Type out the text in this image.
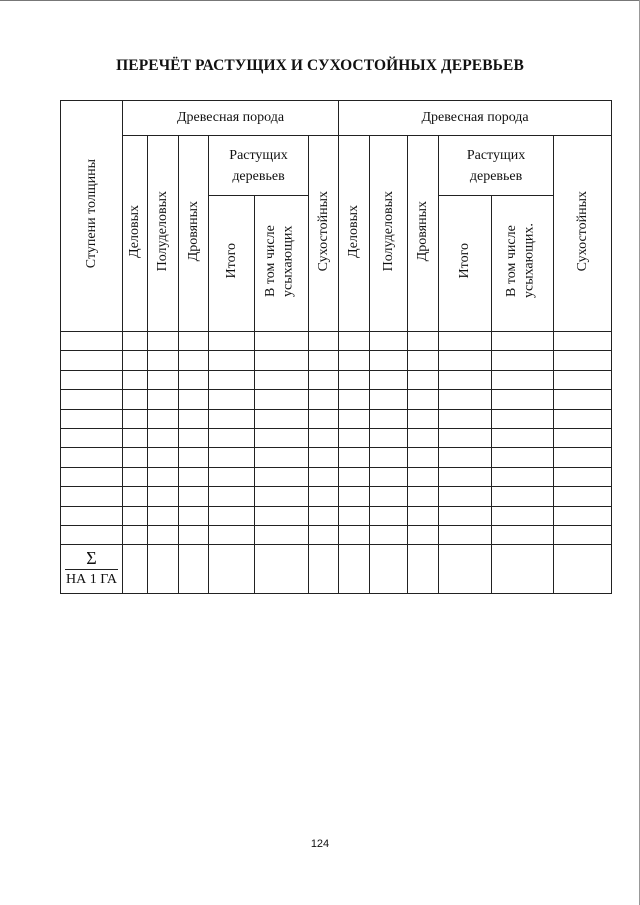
ПЕРЕЧЁТ РАСТУЩИХ И СУХОСТОЙНЫХ ДЕРЕВЬЕВ
Ступени толщины	Древесная порода						Древесная порода					
	Деловых	Полуделовых	Дровяных	Растущих деревьев		Сухостойных	Деловых	Полуделовых	Дровяных	Растущих деревьев		Сухостойных
				Итого	В том числе усыхающих					Итого	В том числе усыхающих.	

Σ
НА 1 ГА												

124
